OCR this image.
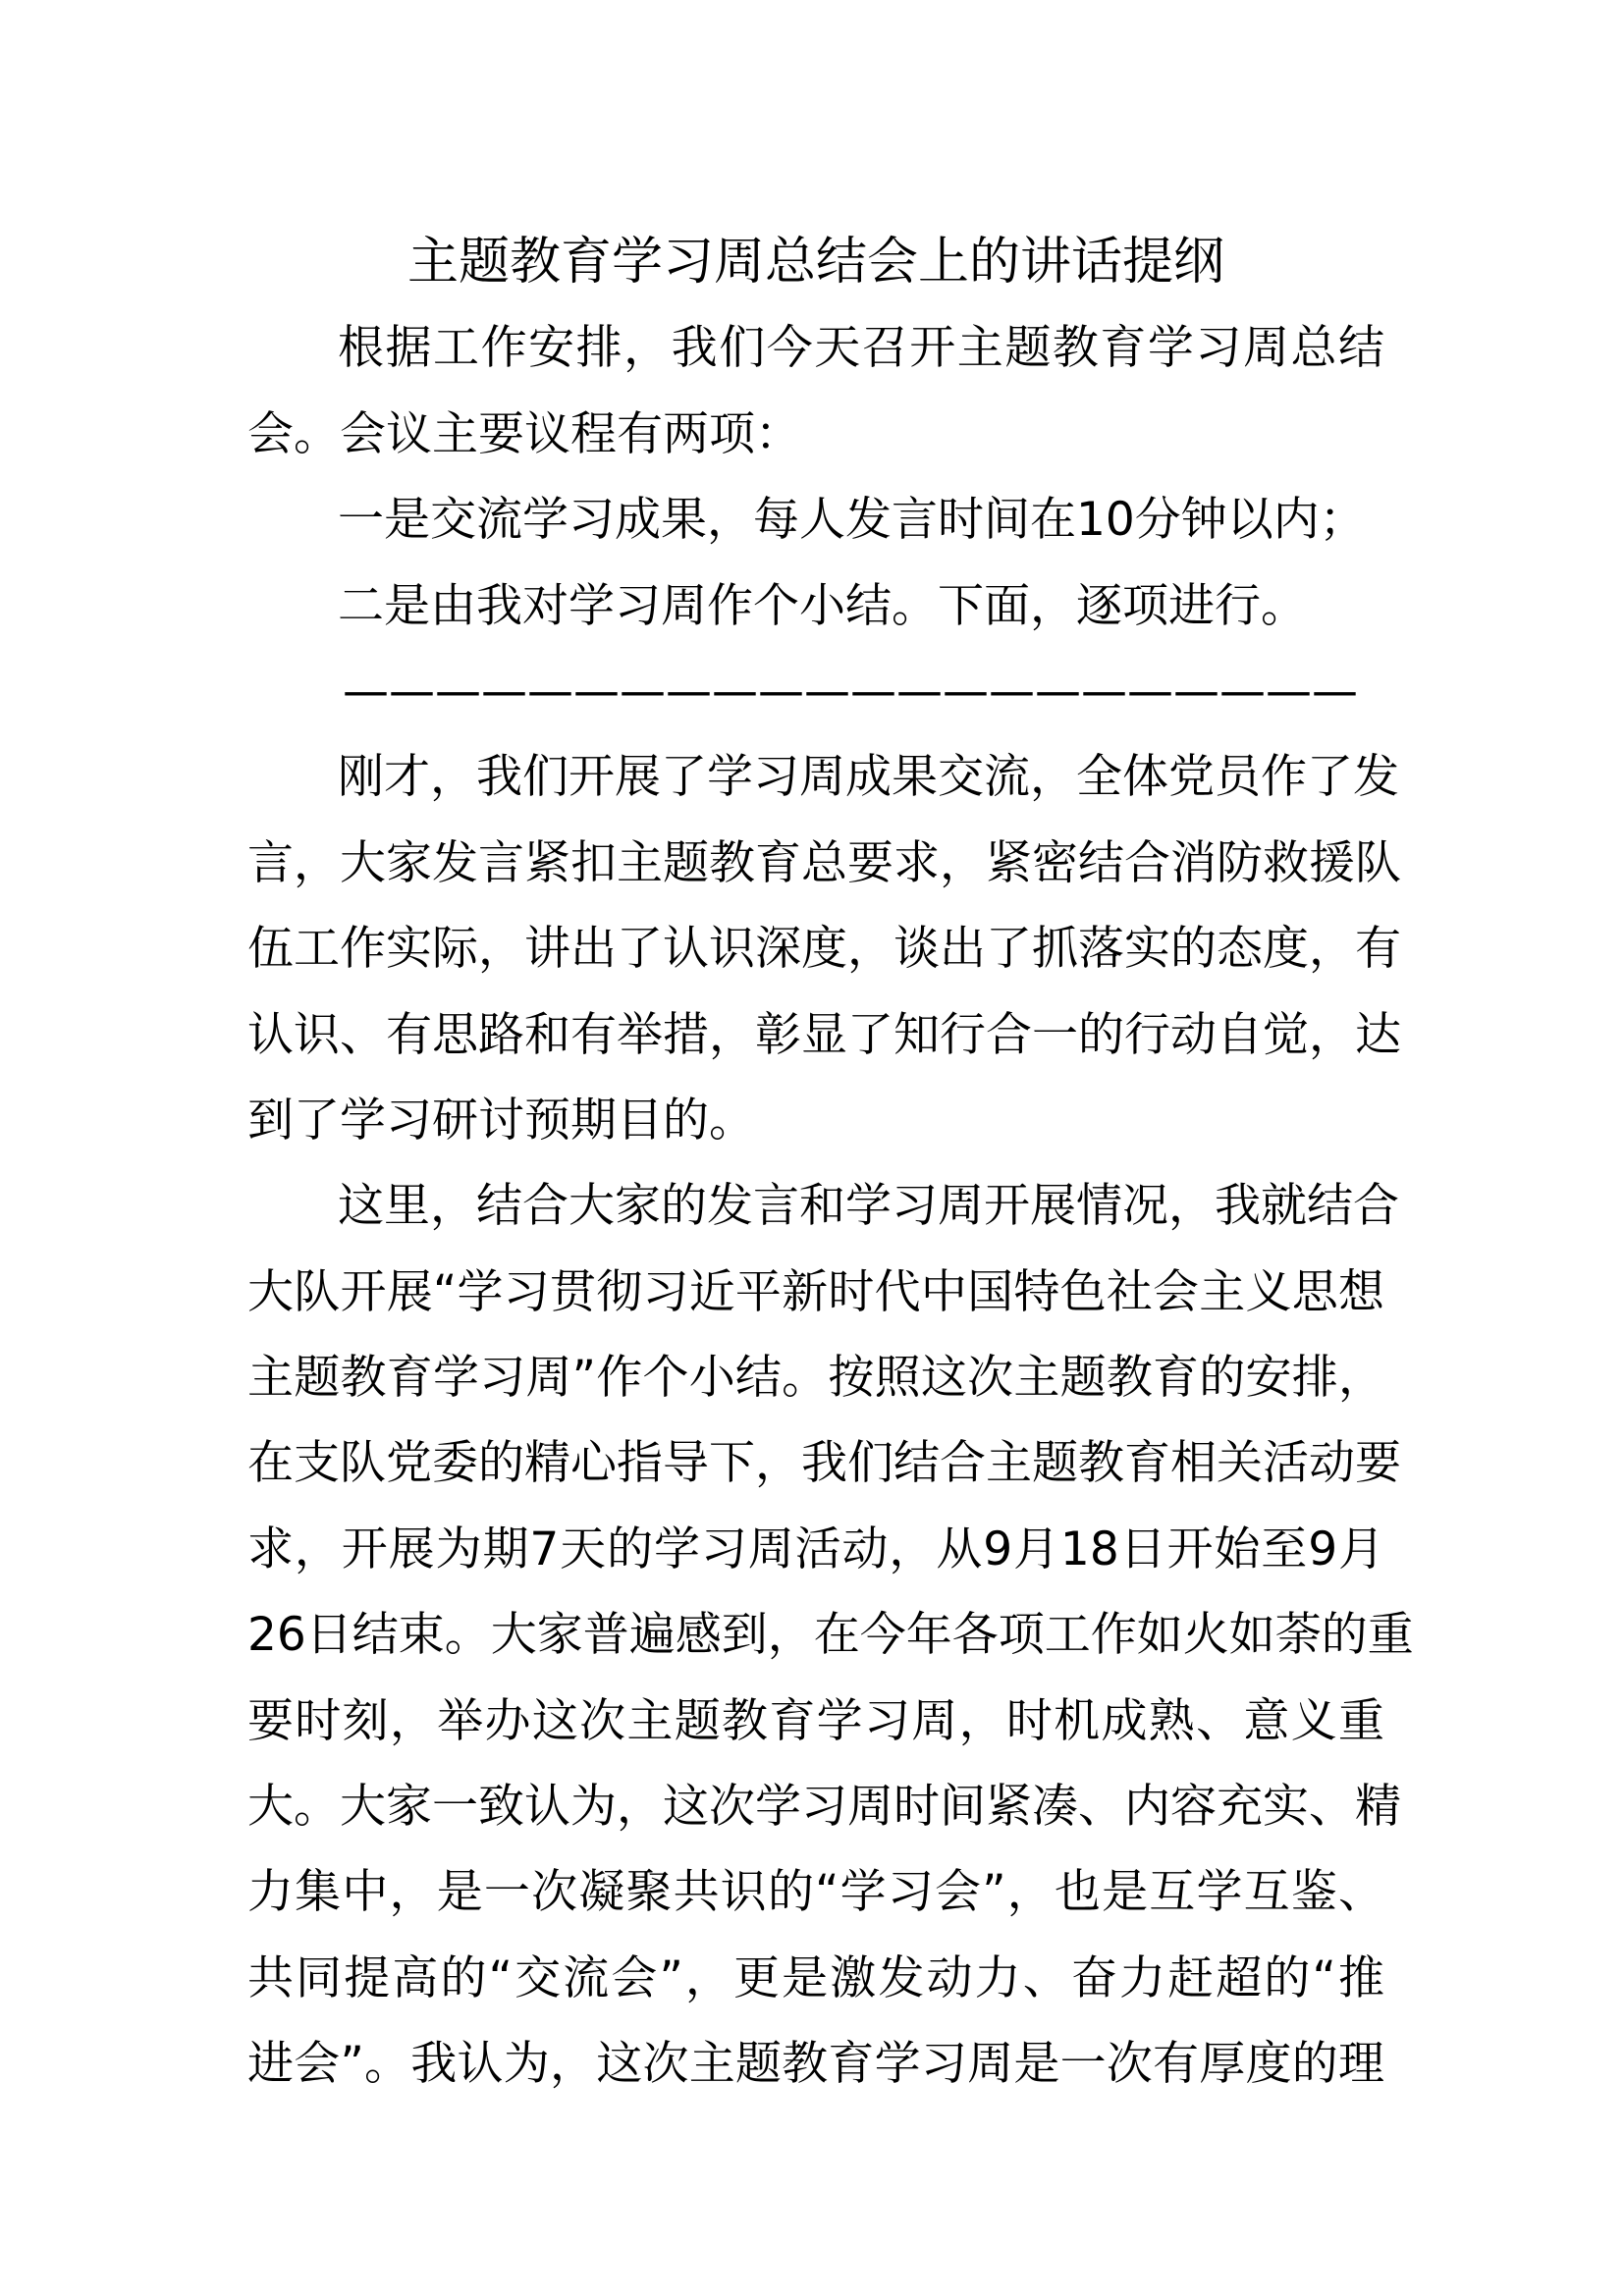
主题教育学习周总结会上的讲话提纲
根据工作安排，我们今天召开主题教育学习周总结
会。会议主要议程有两项：
一是交流学习成果，每人发言时间在10分钟以内；
二是由我对学习周作个小结。下面，逐项进行。
——————————————————————
刚才，我们开展了学习周成果交流，全体党员作了发
言，大家发言紧扣主题教育总要求，紧密结合消防救援队
伍工作实际，讲出了认识深度，谈出了抓落实的态度，有
认识、有思路和有举措，彰显了知行合一的行动自觉，达
到了学习研讨预期目的。
这里，结合大家的发言和学习周开展情况，我就结合
大队开展“学习贯彻习近平新时代中国特色社会主义思想
主题教育学习周”作个小结。按照这次主题教育的安排，
在支队党委的精心指导下，我们结合主题教育相关活动要
求，开展为期7天的学习周活动，从9月18日开始至9月
26日结束。大家普遍感到，在今年各项工作如火如荼的重
要时刻，举办这次主题教育学习周，时机成熟、意义重
大。大家一致认为，这次学习周时间紧凑、内容充实、精
力集中，是一次凝聚共识的“学习会”，也是互学互鉴、
共同提高的“交流会”，更是激发动力、奋力赶超的“推
进会”。我认为，这次主题教育学习周是一次有厚度的理
